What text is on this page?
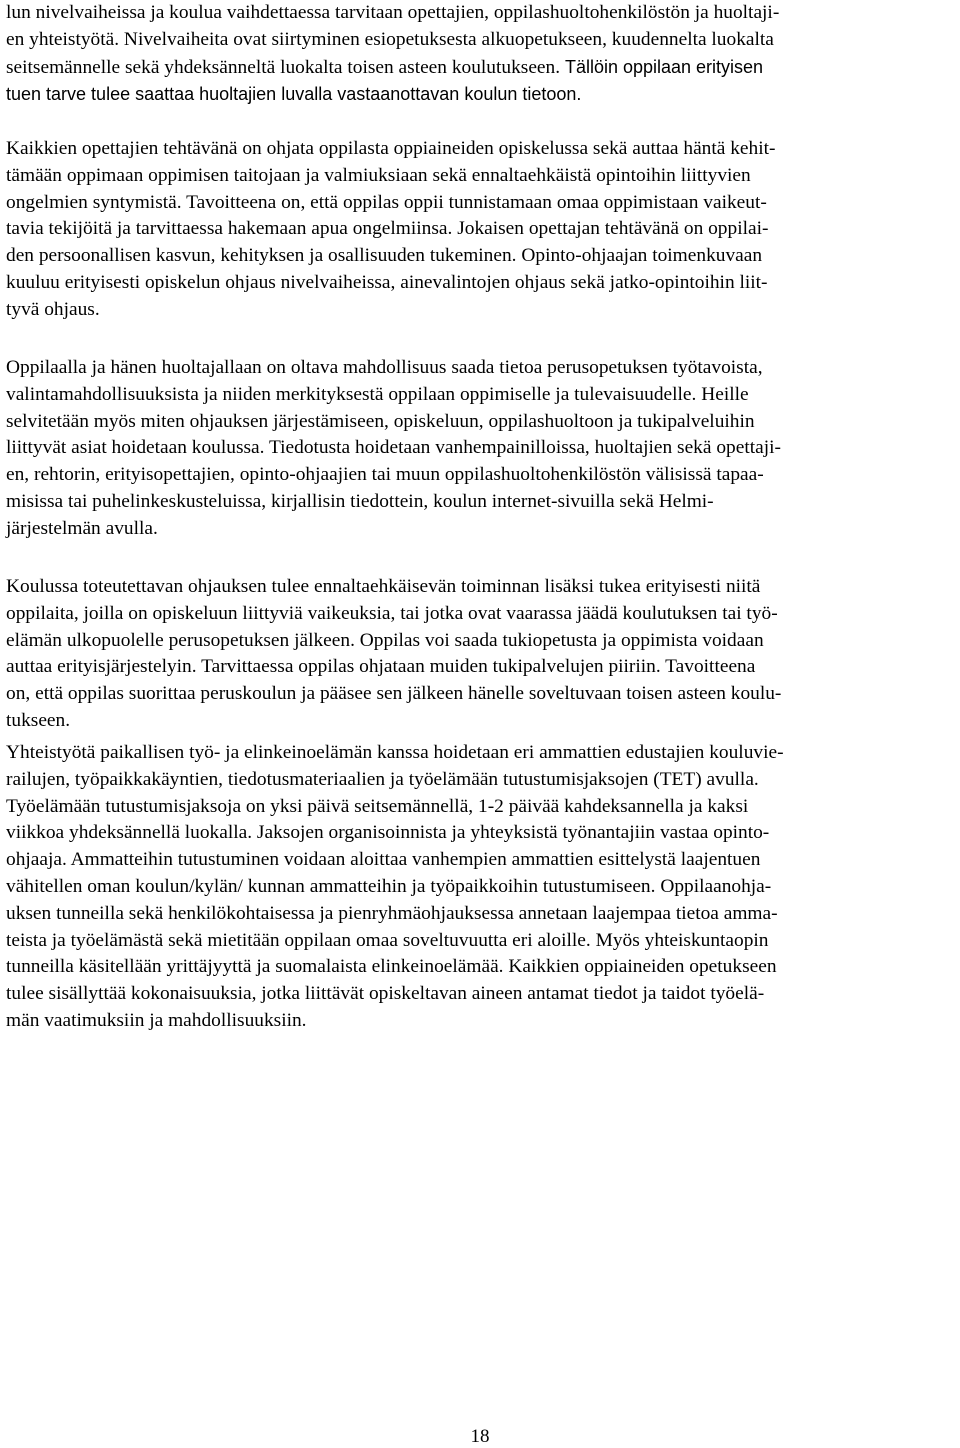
lun nivelvaiheissa ja koulua vaihdettaessa tarvitaan opettajien, oppilashuoltohenkilöstön ja huoltaji-
en yhteistyötä. Nivelvaiheita ovat siirtyminen esiopetuksesta alkuopetukseen, kuudennelta luokalta
seitsemännelle sekä yhdeksänneltä luokalta toisen asteen koulutukseen. Tällöin oppilaan erityisen
tuen tarve tulee saattaa huoltajien luvalla vastaanottavan koulun tietoon.

Kaikkien opettajien tehtävänä on ohjata oppilasta oppiaineiden opiskelussa sekä auttaa häntä kehit-
tämään oppimaan oppimisen taitojaan ja valmiuksiaan sekä ennaltaehkäistä opintoihin liittyvien
ongelmien syntymistä. Tavoitteena on, että oppilas oppii tunnistamaan omaa oppimistaan vaikeut-
tavia tekijöitä ja tarvittaessa hakemaan apua ongelmiinsa. Jokaisen opettajan tehtävänä on oppilai-
den persoonallisen kasvun, kehityksen ja osallisuuden tukeminen. Opinto-ohjaajan toimenkuvaan
kuuluu erityisesti opiskelun ohjaus nivelvaiheissa, ainevalintojen ohjaus sekä jatko-opintoihin liit-
tyvä ohjaus.

Oppilaalla ja hänen huoltajallaan on oltava mahdollisuus saada tietoa perusopetuksen työtavoista,
valintamahdollisuuksista ja niiden merkityksestä oppilaan oppimiselle ja tulevaisuudelle. Heille
selvitetään myös miten ohjauksen järjestämiseen, opiskeluun, oppilashuoltoon ja tukipalveluihin
liittyvät asiat hoidetaan koulussa. Tiedotusta hoidetaan vanhempainilloissa, huoltajien sekä opettaji-
en, rehtorin, erityisopettajien, opinto-ohjaajien tai muun oppilashuoltohenkilöstön välisissä tapaa-
misissa tai puhelinkeskusteluissa, kirjallisin tiedottein, koulun internet-sivuilla sekä Helmi-
järjestelmän avulla.

Koulussa toteutettavan ohjauksen tulee ennaltaehkäisevän toiminnan lisäksi tukea erityisesti niitä
oppilaita, joilla on opiskeluun liittyviä vaikeuksia, tai jotka ovat vaarassa jäädä koulutuksen tai työ-
elämän ulkopuolelle perusopetuksen jälkeen. Oppilas voi saada tukiopetusta ja oppimista voidaan
auttaa erityisjärjestelyin. Tarvittaessa oppilas ohjataan muiden tukipalvelujen piiriin. Tavoitteena
on, että oppilas suorittaa peruskoulun ja pääsee sen jälkeen hänelle soveltuvaan toisen asteen koulu-
tukseen.

Yhteistyötä paikallisen työ- ja elinkeinoelämän kanssa hoidetaan eri ammattien edustajien kouluvie-
railujen, työpaikkakäyntien, tiedotusmateriaalien ja työelämään tutustumisjaksojen (TET) avulla.
Työelämään tutustumisjaksoja on yksi päivä seitsemännellä, 1-2 päivää kahdeksannella ja kaksi
viikkoa yhdeksännellä luokalla. Jaksojen organisoinnista ja yhteyksistä työnantajiin vastaa opinto-
ohjaaja. Ammatteihin tutustuminen voidaan aloittaa vanhempien ammattien esittelystä laajentuen
vähitellen oman koulun/kylän/ kunnan ammatteihin ja työpaikkoihin tutustumiseen. Oppilaanohja-
uksen tunneilla sekä henkilökohtaisessa ja pienryhmäohjauksessa annetaan laajempaa tietoa amma-
teista ja työelämästä sekä mietitään oppilaan omaa soveltuvuutta eri aloille. Myös yhteiskuntaopin
tunneilla käsitellään yrittäjyyttä ja suomalaista elinkeinoelämää. Kaikkien oppiaineiden opetukseen
tulee sisällyttää kokonaisuuksia, jotka liittävät opiskeltavan aineen antamat tiedot ja taidot työelä-
män vaatimuksiin ja mahdollisuuksiin.

18
